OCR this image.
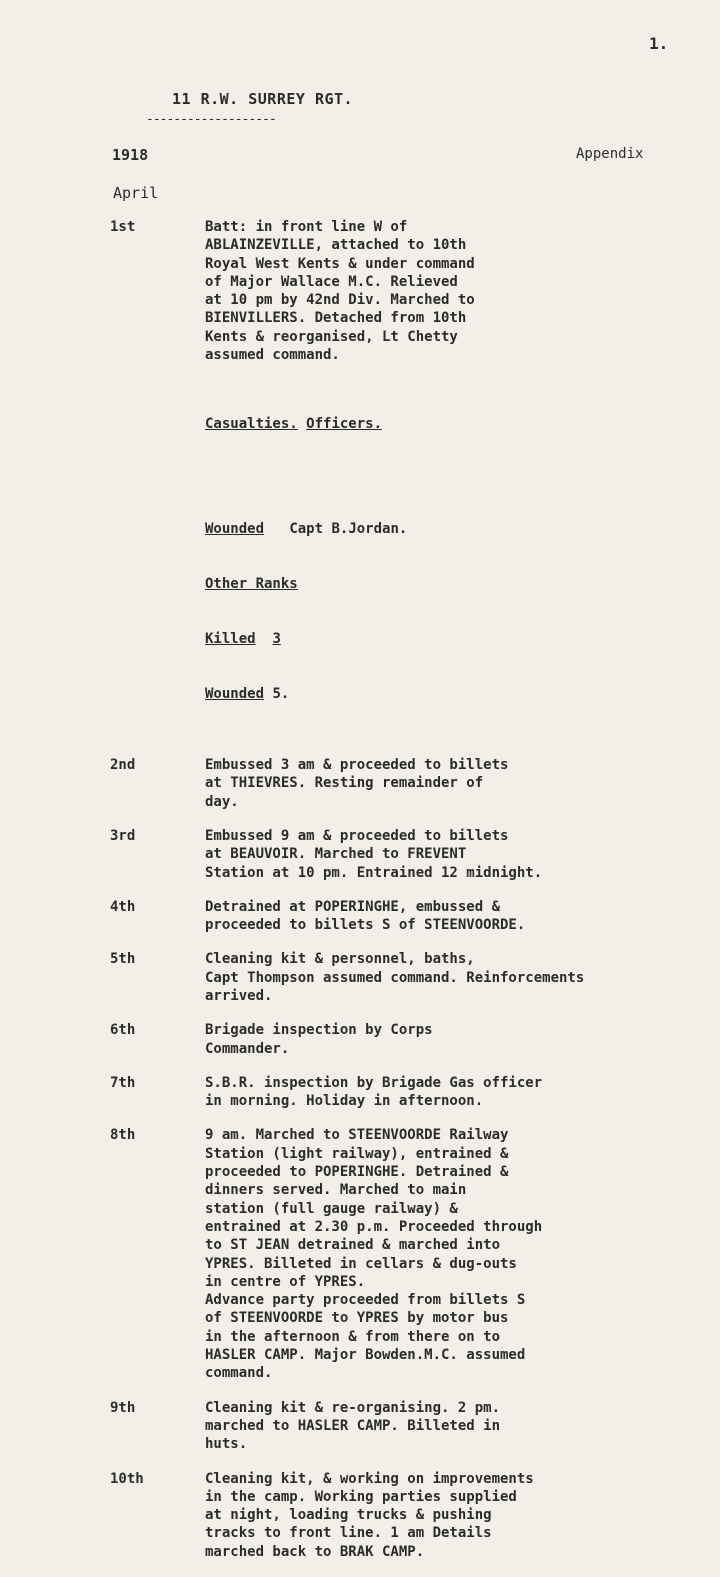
1.
11 R.W. SURREY RGT.
-------------------
1918	Appendix
April
1st	Batt: in front line W of
ABLAINZEVILLE, attached to 10th
Royal West Kents & under command
of Major Wallace M.C. Relieved
at 10 pm by 42nd Div. Marched to
BIENVILLERS. Detached from 10th
Kents & reorganised, Lt Chetty
assumed command.

Casualties. Officers.

Wounded Capt B.Jordan.

Other Ranks

Killed 3

Wounded 5.

2nd	Embussed 3 am & proceeded to billets
at THIEVRES. Resting remainder of
day.
3rd	Embussed 9 am & proceeded to billets
at BEAUVOIR. Marched to FREVENT
Station at 10 pm. Entrained 12 midnight.
4th	Detrained at POPERINGHE, embussed &
proceeded to billets S of STEENVOORDE.
5th	Cleaning kit & personnel, baths,
Capt Thompson assumed command. Reinforcements
arrived.
6th	Brigade inspection by Corps
Commander.
7th	S.B.R. inspection by Brigade Gas officer
in morning. Holiday in afternoon.
8th	9 am. Marched to STEENVOORDE Railway
Station (light railway), entrained &
proceeded to POPERINGHE. Detrained &
dinners served. Marched to main
station (full gauge railway) &
entrained at 2.30 p.m. Proceeded through
to ST JEAN detrained & marched into
YPRES. Billeted in cellars & dug-outs
in centre of YPRES.
Advance party proceeded from billets S
of STEENVOORDE to YPRES by motor bus
in the afternoon & from there on to
HASLER CAMP. Major Bowden.M.C. assumed
command.
9th	Cleaning kit & re-organising. 2 pm.
marched to HASLER CAMP. Billeted in
huts.
10th	Cleaning kit, & working on improvements
in the camp. Working parties supplied
at night, loading trucks & pushing
tracks to front line. 1 am Details
marched back to BRAK CAMP.
